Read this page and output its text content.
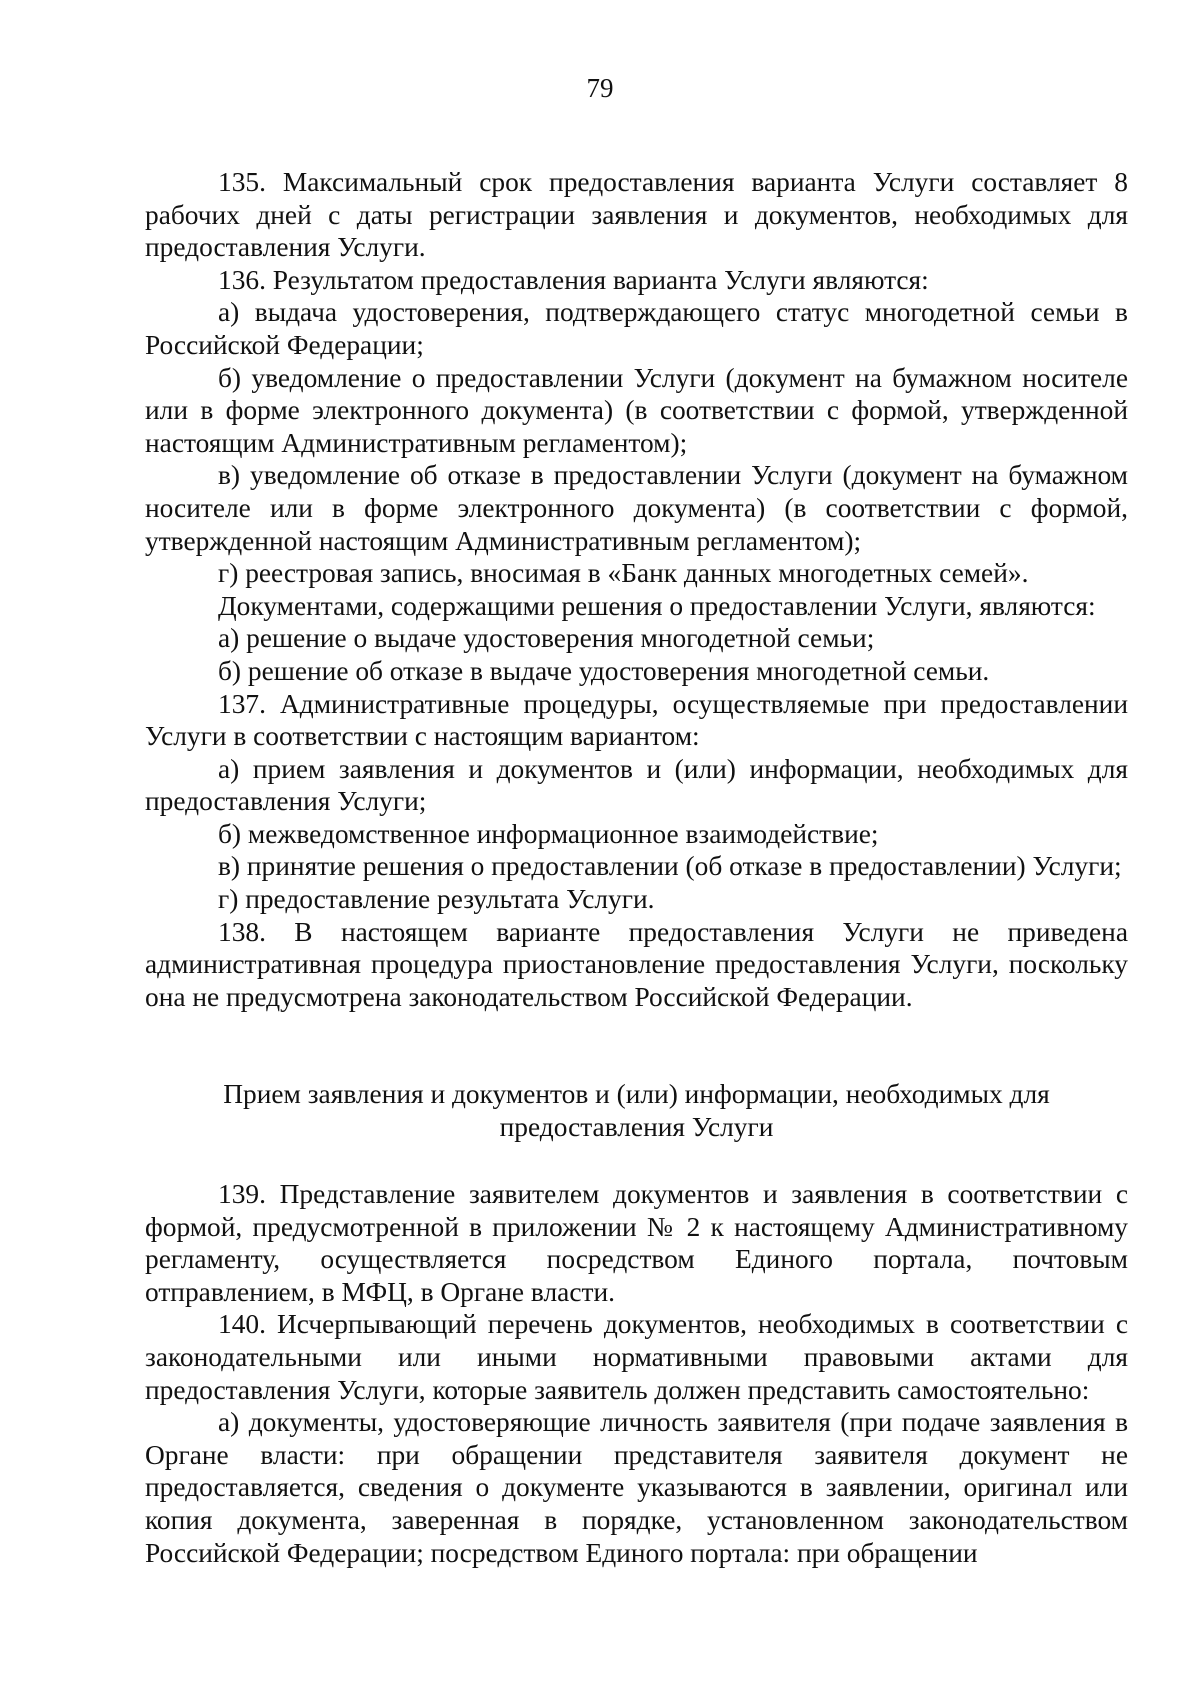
79

135. Максимальный срок предоставления варианта Услуги составляет 8 рабочих дней с даты регистрации заявления и документов, необходимых для предоставления Услуги.

136. Результатом предоставления варианта Услуги являются:

а) выдача удостоверения, подтверждающего статус многодетной семьи в Российской Федерации;

б) уведомление о предоставлении Услуги (документ на бумажном носителе или в форме электронного документа) (в соответствии с формой, утвержденной настоящим Административным регламентом);

в) уведомление об отказе в предоставлении Услуги (документ на бумажном носителе или в форме электронного документа) (в соответствии с формой, утвержденной настоящим Административным регламентом);

г) реестровая запись, вносимая в «Банк данных многодетных семей».

Документами, содержащими решения о предоставлении Услуги, являются:

а) решение о выдаче удостоверения многодетной семьи;

б) решение об отказе в выдаче удостоверения многодетной семьи.

137. Административные процедуры, осуществляемые при предоставлении Услуги в соответствии с настоящим вариантом:

а) прием заявления и документов и (или) информации, необходимых для предоставления Услуги;

б) межведомственное информационное взаимодействие;

в) принятие решения о предоставлении (об отказе в предоставлении) Услуги;

г) предоставление результата Услуги.

138. В настоящем варианте предоставления Услуги не приведена административная процедура приостановление предоставления Услуги, поскольку она не предусмотрена законодательством Российской Федерации.

Прием заявления и документов и (или) информации, необходимых для
предоставления Услуги

139. Представление заявителем документов и заявления в соответствии с формой, предусмотренной в приложении № 2 к настоящему Административному регламенту, осуществляется посредством Единого портала, почтовым отправлением, в МФЦ, в Органе власти.

140. Исчерпывающий перечень документов, необходимых в соответствии с законодательными или иными нормативными правовыми актами для предоставления Услуги, которые заявитель должен представить самостоятельно:

а) документы, удостоверяющие личность заявителя (при подаче заявления в Органе власти: при обращении представителя заявителя документ не предоставляется, сведения о документе указываются в заявлении, оригинал или копия документа, заверенная в порядке, установленном законодательством Российской Федерации; посредством Единого портала: при обращении
